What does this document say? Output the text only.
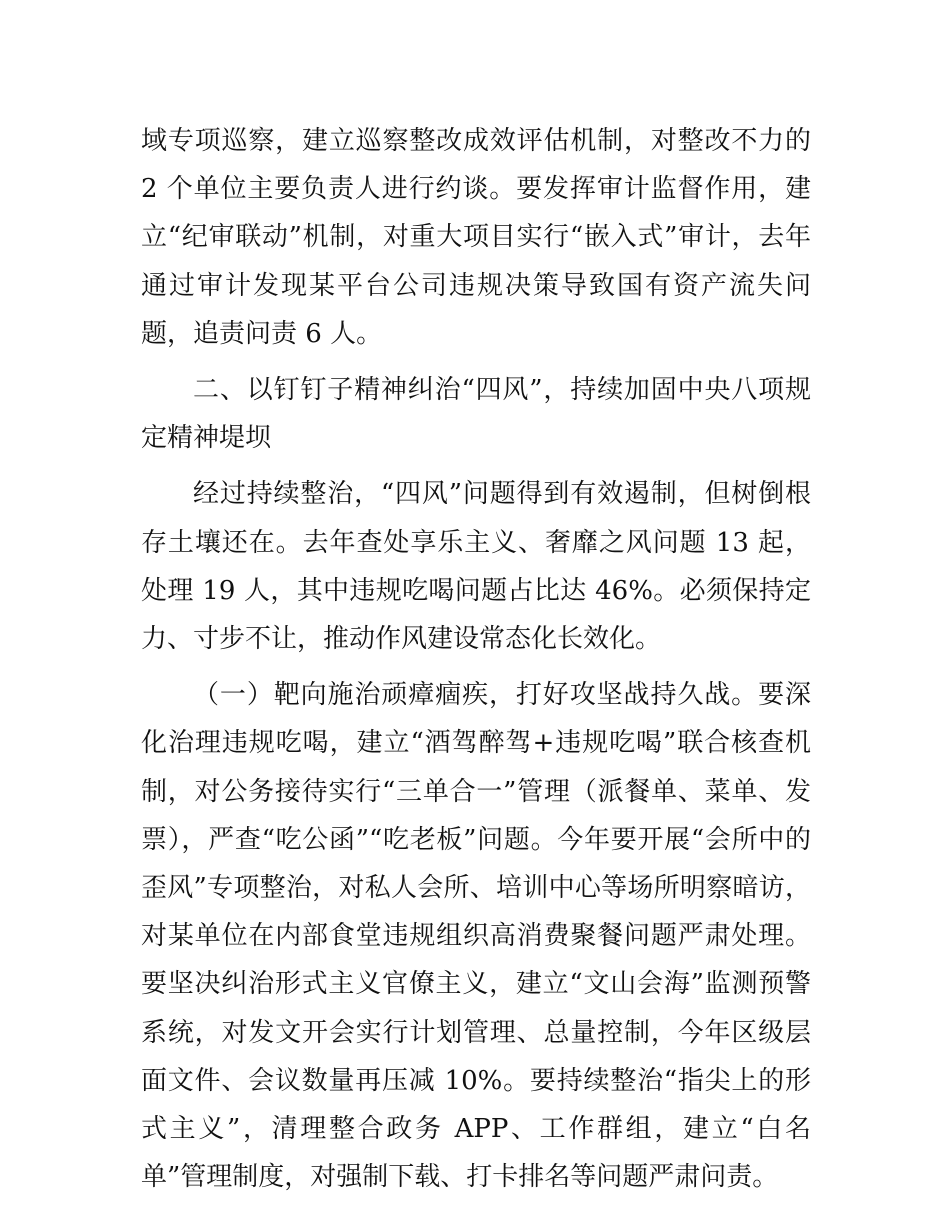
域专项巡察，建立巡察整改成效评估机制，对整改不力的 2 个单位主要负责人进行约谈。要发挥审计监督作用，建立“纪审联动”机制，对重大项目实行“嵌入式”审计，去年通过审计发现某平台公司违规决策导致国有资产流失问题，追责问责 6 人。

二、以钉钉子精神纠治“四风”，持续加固中央八项规定精神堤坝

经过持续整治，“四风”问题得到有效遏制，但树倒根存土壤还在。去年查处享乐主义、奢靡之风问题 13 起，处理 19 人，其中违规吃喝问题占比达 46%。必须保持定力、寸步不让，推动作风建设常态化长效化。

（一）靶向施治顽瘴痼疾，打好攻坚战持久战。要深化治理违规吃喝，建立“酒驾醉驾+违规吃喝”联合核查机制，对公务接待实行“三单合一”管理（派餐单、菜单、发票），严查“吃公函”“吃老板”问题。今年要开展“会所中的歪风”专项整治，对私人会所、培训中心等场所明察暗访，对某单位在内部食堂违规组织高消费聚餐问题严肃处理。要坚决纠治形式主义官僚主义，建立“文山会海”监测预警系统，对发文开会实行计划管理、总量控制，今年区级层面文件、会议数量再压减 10%。要持续整治“指尖上的形式主义”，清理整合政务 APP、工作群组，建立“白名单”管理制度，对强制下载、打卡排名等问题严肃问责。
